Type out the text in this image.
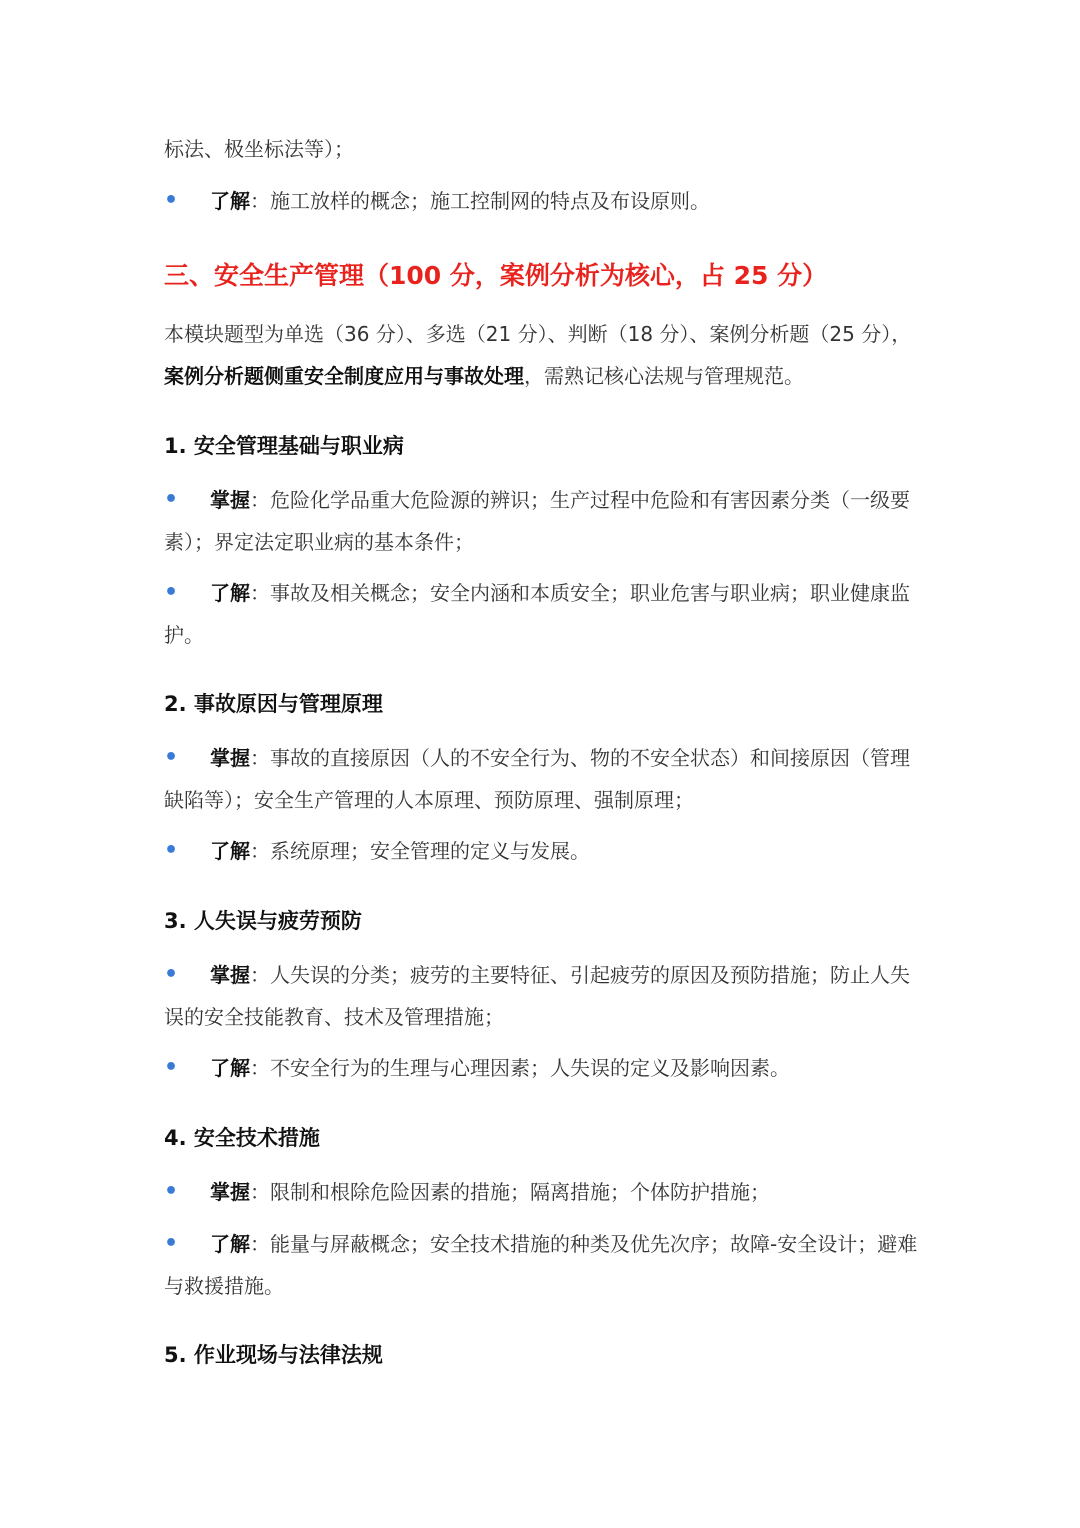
标法、极坐标法等）；

• 了解：施工放样的概念；施工控制网的特点及布设原则。

三、安全生产管理（100 分，案例分析为核心，占 25 分）

本模块题型为单选（36 分）、多选（21 分）、判断（18 分）、案例分析题（25 分），案例分析题侧重安全制度应用与事故处理，需熟记核心法规与管理规范。

1. 安全管理基础与职业病

• 掌握：危险化学品重大危险源的辨识；生产过程中危险和有害因素分类（一级要素）；界定法定职业病的基本条件；

• 了解：事故及相关概念；安全内涵和本质安全；职业危害与职业病；职业健康监护。

2. 事故原因与管理原理

• 掌握：事故的直接原因（人的不安全行为、物的不安全状态）和间接原因（管理缺陷等）；安全生产管理的人本原理、预防原理、强制原理；

• 了解：系统原理；安全管理的定义与发展。

3. 人失误与疲劳预防

• 掌握：人失误的分类；疲劳的主要特征、引起疲劳的原因及预防措施；防止人失误的安全技能教育、技术及管理措施；

• 了解：不安全行为的生理与心理因素；人失误的定义及影响因素。

4. 安全技术措施

• 掌握：限制和根除危险因素的措施；隔离措施；个体防护措施；

• 了解：能量与屏蔽概念；安全技术措施的种类及优先次序；故障-安全设计；避难与救援措施。

5. 作业现场与法律法规
